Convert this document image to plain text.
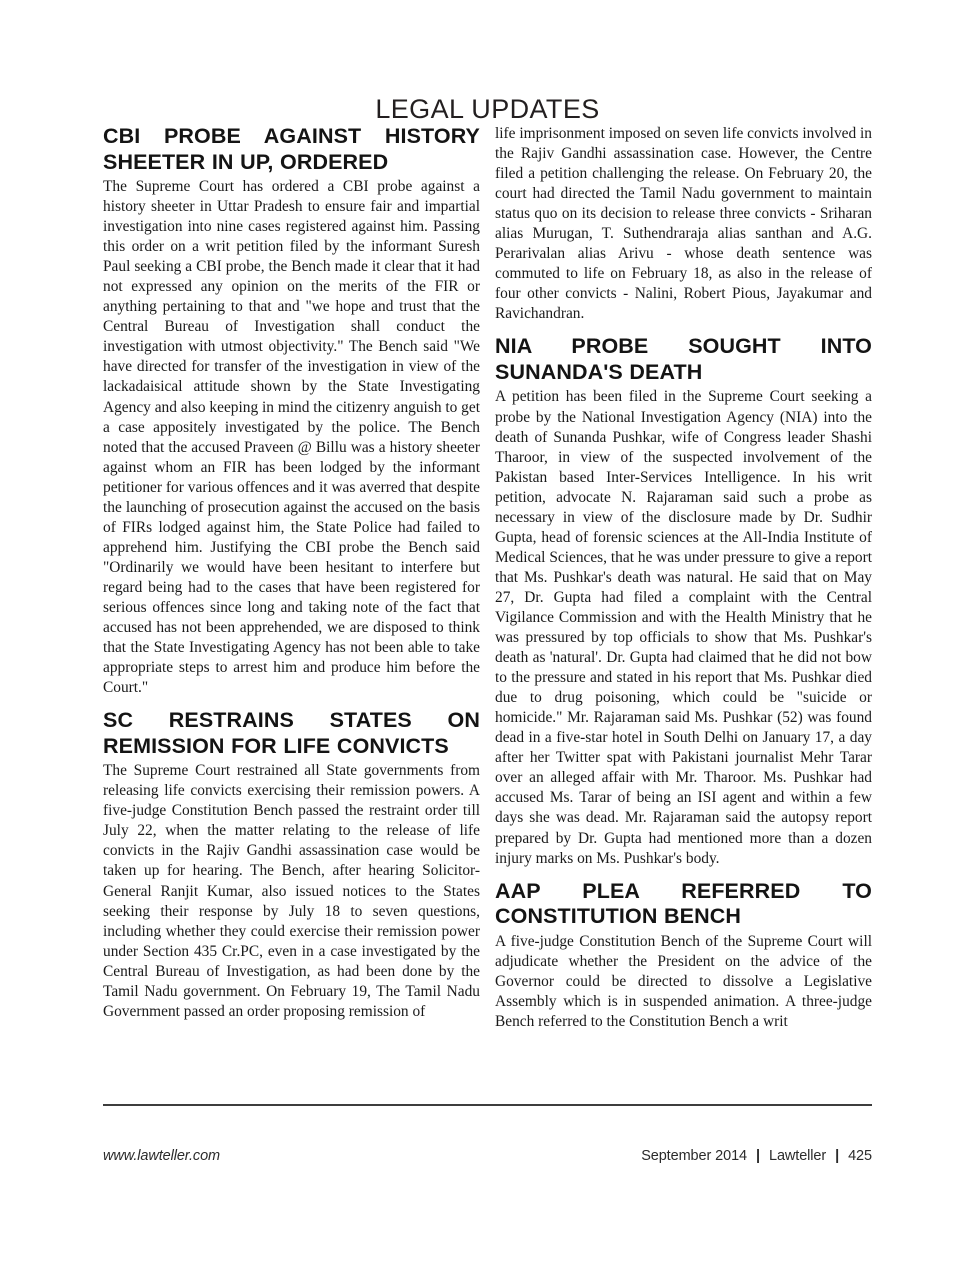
LEGAL UPDATES
CBI PROBE AGAINST HISTORY
SHEETER IN UP, ORDERED

The Supreme Court has ordered a CBI probe against a history sheeter in Uttar Pradesh to ensure fair and impartial investigation into nine cases registered against him. Passing this order on a writ petition filed by the informant Suresh Paul seeking a CBI probe, the Bench made it clear that it had not expressed any opinion on the merits of the FIR or anything pertaining to that and "we hope and trust that the Central Bureau of Investigation shall conduct the investigation with utmost objectivity." The Bench said "We have directed for transfer of the investigation in view of the lackadaisical attitude shown by the State Investigating Agency and also keeping in mind the citizenry anguish to get a case appositely investigated by the police. The Bench noted that the accused Praveen @ Billu was a history sheeter against whom an FIR has been lodged by the informant petitioner for various offences and it was averred that despite the launching of prosecution against the accused on the basis of FIRs lodged against him, the State Police had failed to apprehend him. Justifying the CBI probe the Bench said "Ordinarily we would have been hesitant to interfere but regard being had to the cases that have been registered for serious offences since long and taking note of the fact that accused has not been apprehended, we are disposed to think that the State Investigating Agency has not been able to take appropriate steps to arrest him and produce him before the Court."

SC RESTRAINS STATES ON
REMISSION FOR LIFE CONVICTS

The Supreme Court restrained all State governments from releasing life convicts exercising their remission powers. A five-judge Constitution Bench passed the restraint order till July 22, when the matter relating to the release of life convicts in the Rajiv Gandhi assassination case would be taken up for hearing. The Bench, after hearing Solicitor-General Ranjit Kumar, also issued notices to the States seeking their response by July 18 to seven questions, including whether they could exercise their remission power under Section 435 Cr.PC, even in a case investigated by the Central Bureau of Investigation, as had been done by the Tamil Nadu government. On February 19, The Tamil Nadu Government passed an order proposing remission of

life imprisonment imposed on seven life convicts involved in the Rajiv Gandhi assassination case. However, the Centre filed a petition challenging the release. On February 20, the court had directed the Tamil Nadu government to maintain status quo on its decision to release three convicts - Sriharan alias Murugan, T. Suthendraraja alias santhan and A.G. Perarivalan alias Arivu - whose death sentence was commuted to life on February 18, as also in the release of four other convicts - Nalini, Robert Pious, Jayakumar and Ravichandran.

NIA PROBE SOUGHT INTO
SUNANDA'S DEATH

A petition has been filed in the Supreme Court seeking a probe by the National Investigation Agency (NIA) into the death of Sunanda Pushkar, wife of Congress leader Shashi Tharoor, in view of the suspected involvement of the Pakistan based Inter-Services Intelligence. In his writ petition, advocate N. Rajaraman said such a probe as necessary in view of the disclosure made by Dr. Sudhir Gupta, head of forensic sciences at the All-India Institute of Medical Sciences, that he was under pressure to give a report that Ms. Pushkar's death was natural. He said that on May 27, Dr. Gupta had filed a complaint with the Central Vigilance Commission and with the Health Ministry that he was pressured by top officials to show that Ms. Pushkar's death as 'natural'. Dr. Gupta had claimed that he did not bow to the pressure and stated in his report that Ms. Pushkar died due to drug poisoning, which could be "suicide or homicide." Mr. Rajaraman said Ms. Pushkar (52) was found dead in a five-star hotel in South Delhi on January 17, a day after her Twitter spat with Pakistani journalist Mehr Tarar over an alleged affair with Mr. Tharoor. Ms. Pushkar had accused Ms. Tarar of being an ISI agent and within a few days she was dead. Mr. Rajaraman said the autopsy report prepared by Dr. Gupta had mentioned more than a dozen injury marks on Ms. Pushkar's body.

AAP PLEA REFERRED TO
CONSTITUTION BENCH

A five-judge Constitution Bench of the Supreme Court will adjudicate whether the President on the advice of the Governor could be directed to dissolve a Legislative Assembly which is in suspended animation. A three-judge Bench referred to the Constitution Bench a writ

www.lawteller.com	September 2014 | Lawteller | 425
